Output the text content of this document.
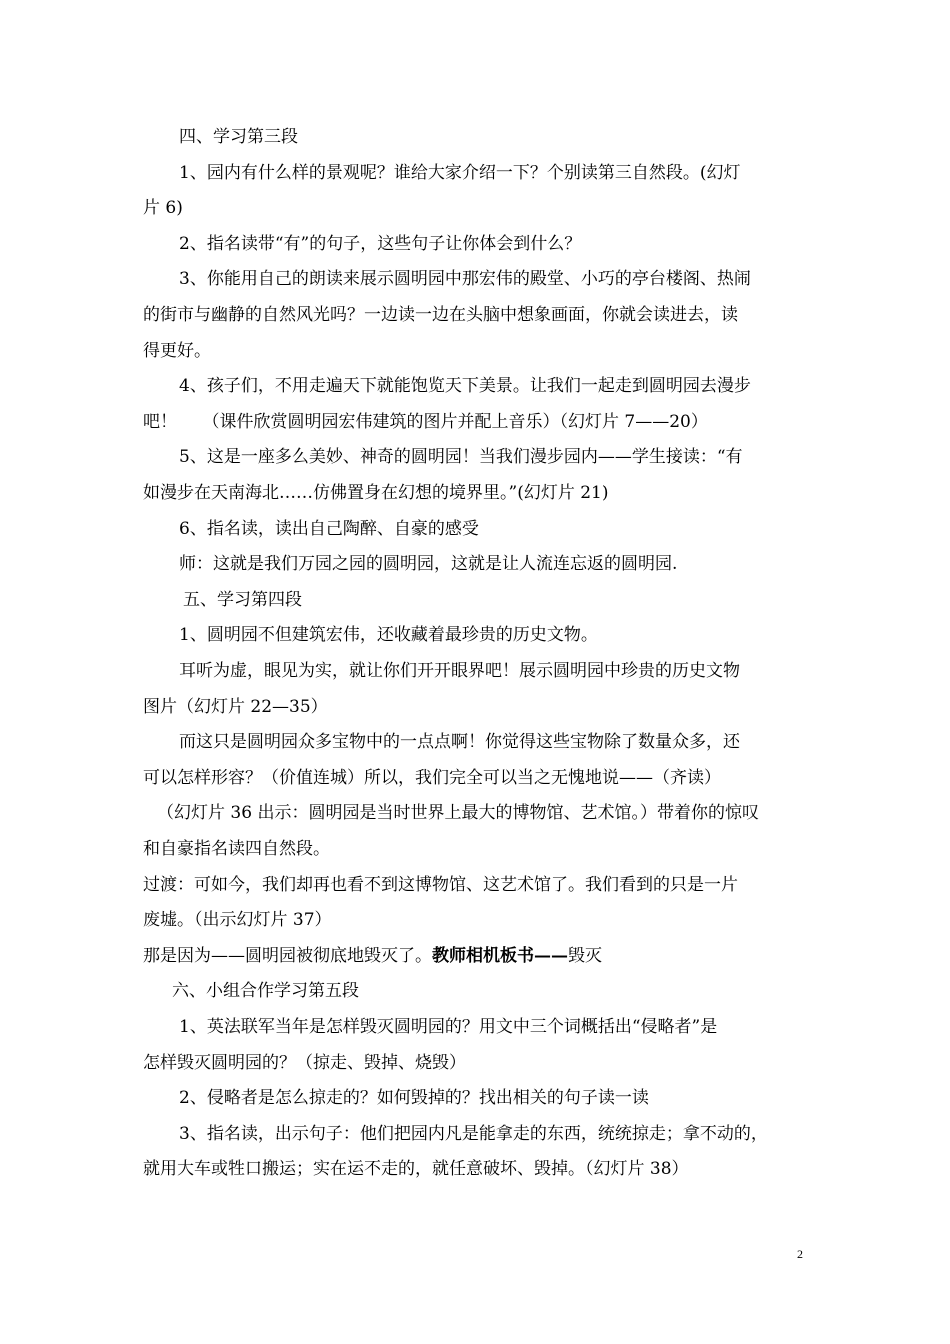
四、学习第三段
1、园内有什么样的景观呢？谁给大家介绍一下？个别读第三自然段。(幻灯
片 6)
2、指名读带“有”的句子，这些句子让你体会到什么？
3、你能用自己的朗读来展示圆明园中那宏伟的殿堂、小巧的亭台楼阁、热闹
的街市与幽静的自然风光吗？一边读一边在头脑中想象画面，你就会读进去，读
得更好。
4、孩子们，不用走遍天下就能饱览天下美景。让我们一起走到圆明园去漫步
吧！　　（课件欣赏圆明园宏伟建筑的图片并配上音乐）（幻灯片 7——20）
5、这是一座多么美妙、神奇的圆明园！当我们漫步园内——学生接读：“有
如漫步在天南海北……仿佛置身在幻想的境界里。”(幻灯片 21)
6、指名读，读出自己陶醉、自豪的感受
师：这就是我们万园之园的圆明园，这就是让人流连忘返的圆明园.
五、学习第四段
1、圆明园不但建筑宏伟，还收藏着最珍贵的历史文物。
耳听为虚，眼见为实，就让你们开开眼界吧！展示圆明园中珍贵的历史文物
图片（幻灯片 22—35）
而这只是圆明园众多宝物中的一点点啊！你觉得这些宝物除了数量众多，还
可以怎样形容？（价值连城）所以，我们完全可以当之无愧地说——（齐读）
（幻灯片 36 出示：圆明园是当时世界上最大的博物馆、艺术馆。）带着你的惊叹
和自豪指名读四自然段。
过渡：可如今，我们却再也看不到这博物馆、这艺术馆了。我们看到的只是一片
废墟。（出示幻灯片 37）
那是因为——圆明园被彻底地毁灭了。教师相机板书——毁灭
六、小组合作学习第五段
1、英法联军当年是怎样毁灭圆明园的？用文中三个词概括出“侵略者”是
怎样毁灭圆明园的？（掠走、毁掉、烧毁）
2、侵略者是怎么掠走的？如何毁掉的？找出相关的句子读一读
3、指名读，出示句子：他们把园内凡是能拿走的东西，统统掠走；拿不动的，
就用大车或牲口搬运；实在运不走的，就任意破坏、毁掉。（幻灯片 38）
2
